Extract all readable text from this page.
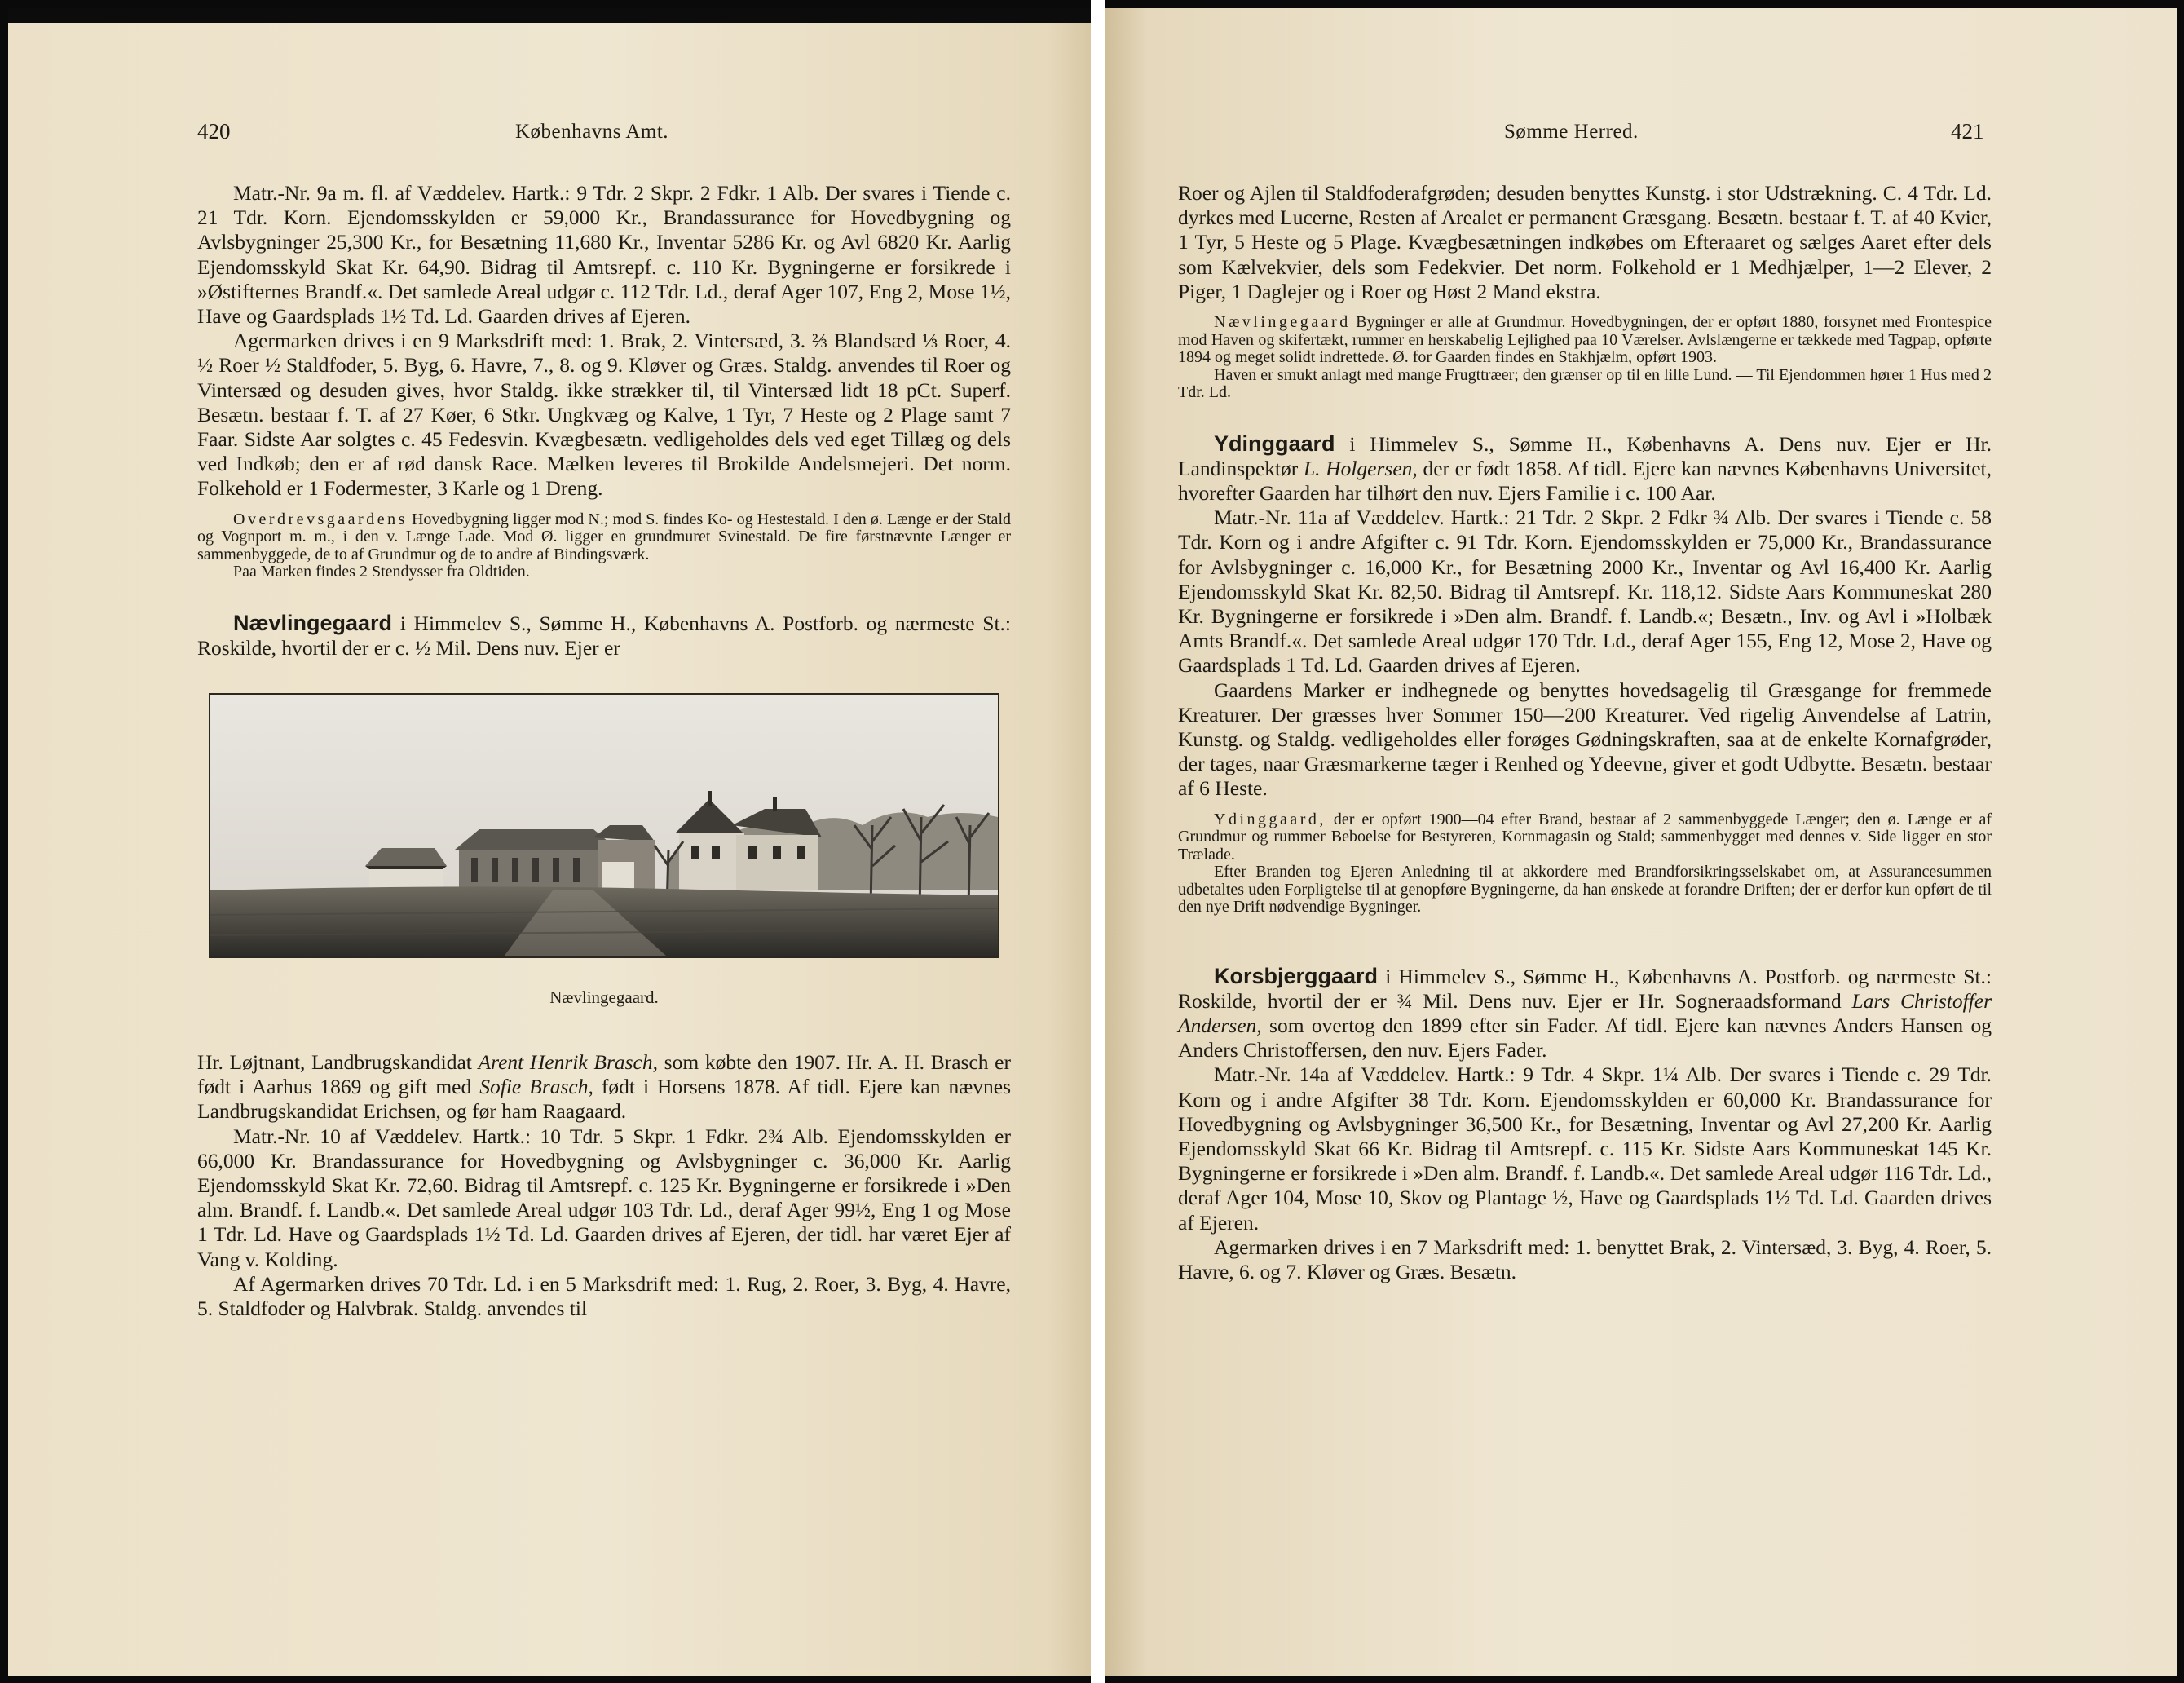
420	Københavns Amt.

Matr.-Nr. 9a m. fl. af Væddelev. Hartk.: 9 Tdr. 2 Skpr. 2 Fdkr. 1 Alb. Der svares i Tiende c. 21 Tdr. Korn. Ejendomsskylden er 59,000 Kr., Brandassurance for Hovedbygning og Avlsbygninger 25,300 Kr., for Besætning 11,680 Kr., Inventar 5286 Kr. og Avl 6820 Kr. Aarlig Ejendomsskyld Skat Kr. 64,90. Bidrag til Amtsrepf. c. 110 Kr. Bygningerne er forsikrede i »Østifternes Brandf.«. Det samlede Areal udgør c. 112 Tdr. Ld., deraf Ager 107, Eng 2, Mose 1½, Have og Gaardsplads 1½ Td. Ld. Gaarden drives af Ejeren.

Agermarken drives i en 9 Marksdrift med: 1. Brak, 2. Vintersæd, 3. ⅔ Blandsæd ⅓ Roer, 4. ½ Roer ½ Staldfoder, 5. Byg, 6. Havre, 7., 8. og 9. Kløver og Græs. Staldg. anvendes til Roer og Vintersæd og desuden gives, hvor Staldg. ikke strækker til, til Vintersæd lidt 18 pCt. Superf. Besætn. bestaar f. T. af 27 Køer, 6 Stkr. Ungkvæg og Kalve, 1 Tyr, 7 Heste og 2 Plage samt 7 Faar. Sidste Aar solgtes c. 45 Fedesvin. Kvægbesætn. vedligeholdes dels ved eget Tillæg og dels ved Indkøb; den er af rød dansk Race. Mælken leveres til Brokilde Andelsmejeri. Det norm. Folkehold er 1 Fodermester, 3 Karle og 1 Dreng.

Overdrevsgaardens Hovedbygning ligger mod N.; mod S. findes Ko- og Hestestald. I den ø. Længe er der Stald og Vognport m. m., i den v. Længe Lade. Mod Ø. ligger en grundmuret Svinestald. De fire førstnævnte Længer er sammenbyggede, de to af Grundmur og de to andre af Bindingsværk.

Paa Marken findes 2 Stendysser fra Oldtiden.

Nævlingegaard i Himmelev S., Sømme H., Københavns A. Postforb. og nærmeste St.: Roskilde, hvortil der er c. ½ Mil. Dens nuv. Ejer er

Nævlingegaard.

Hr. Løjtnant, Landbrugskandidat Arent Henrik Brasch, som købte den 1907. Hr. A. H. Brasch er født i Aarhus 1869 og gift med Sofie Brasch, født i Horsens 1878. Af tidl. Ejere kan nævnes Landbrugskandidat Erichsen, og før ham Raagaard.

Matr.-Nr. 10 af Væddelev. Hartk.: 10 Tdr. 5 Skpr. 1 Fdkr. 2¾ Alb. Ejendomsskylden er 66,000 Kr. Brandassurance for Hovedbygning og Avlsbygninger c. 36,000 Kr. Aarlig Ejendomsskyld Skat Kr. 72,60. Bidrag til Amtsrepf. c. 125 Kr. Bygningerne er forsikrede i »Den alm. Brandf. f. Landb.«. Det samlede Areal udgør 103 Tdr. Ld., deraf Ager 99½, Eng 1 og Mose 1 Tdr. Ld. Have og Gaardsplads 1½ Td. Ld. Gaarden drives af Ejeren, der tidl. har været Ejer af Vang v. Kolding.

Af Agermarken drives 70 Tdr. Ld. i en 5 Marksdrift med: 1. Rug, 2. Roer, 3. Byg, 4. Havre, 5. Staldfoder og Halvbrak. Staldg. anvendes til

Sømme Herred.	421

Roer og Ajlen til Staldfoderafgrøden; desuden benyttes Kunstg. i stor Udstrækning. C. 4 Tdr. Ld. dyrkes med Lucerne, Resten af Arealet er permanent Græsgang. Besætn. bestaar f. T. af 40 Kvier, 1 Tyr, 5 Heste og 5 Plage. Kvægbesætningen indkøbes om Efteraaret og sælges Aaret efter dels som Kælvekvier, dels som Fedekvier. Det norm. Folkehold er 1 Medhjælper, 1—2 Elever, 2 Piger, 1 Daglejer og i Roer og Høst 2 Mand ekstra.

Nævlingegaard Bygninger er alle af Grundmur. Hovedbygningen, der er opført 1880, forsynet med Frontespice mod Haven og skifertækt, rummer en herskabelig Lejlighed paa 10 Værelser. Avlslængerne er tækkede med Tagpap, opførte 1894 og meget solidt indrettede. Ø. for Gaarden findes en Stakhjælm, opført 1903.

Haven er smukt anlagt med mange Frugttræer; den grænser op til en lille Lund. — Til Ejendommen hører 1 Hus med 2 Tdr. Ld.

Ydinggaard i Himmelev S., Sømme H., Københavns A. Dens nuv. Ejer er Hr. Landinspektør L. Holgersen, der er født 1858. Af tidl. Ejere kan nævnes Københavns Universitet, hvorefter Gaarden har tilhørt den nuv. Ejers Familie i c. 100 Aar.

Matr.-Nr. 11a af Væddelev. Hartk.: 21 Tdr. 2 Skpr. 2 Fdkr ¾ Alb. Der svares i Tiende c. 58 Tdr. Korn og i andre Afgifter c. 91 Tdr. Korn. Ejendomsskylden er 75,000 Kr., Brandassurance for Avlsbygninger c. 16,000 Kr., for Besætning 2000 Kr., Inventar og Avl 16,400 Kr. Aarlig Ejendomsskyld Skat Kr. 82,50. Bidrag til Amtsrepf. Kr. 118,12. Sidste Aars Kommuneskat 280 Kr. Bygningerne er forsikrede i »Den alm. Brandf. f. Landb.«; Besætn., Inv. og Avl i »Holbæk Amts Brandf.«. Det samlede Areal udgør 170 Tdr. Ld., deraf Ager 155, Eng 12, Mose 2, Have og Gaardsplads 1 Td. Ld. Gaarden drives af Ejeren.

Gaardens Marker er indhegnede og benyttes hovedsagelig til Græsgange for fremmede Kreaturer. Der græsses hver Sommer 150—200 Kreaturer. Ved rigelig Anvendelse af Latrin, Kunstg. og Staldg. vedligeholdes eller forøges Gødningskraften, saa at de enkelte Kornafgrøder, der tages, naar Græsmarkerne tæger i Renhed og Ydeevne, giver et godt Udbytte. Besætn. bestaar af 6 Heste.

Ydinggaard, der er opført 1900—04 efter Brand, bestaar af 2 sammenbyggede Længer; den ø. Længe er af Grundmur og rummer Beboelse for Bestyreren, Kornmagasin og Stald; sammenbygget med dennes v. Side ligger en stor Trælade.

Efter Branden tog Ejeren Anledning til at akkordere med Brandforsikringsselskabet om, at Assurancesummen udbetaltes uden Forpligtelse til at genopføre Bygningerne, da han ønskede at forandre Driften; der er derfor kun opført de til den nye Drift nødvendige Bygninger.

Korsbjerggaard i Himmelev S., Sømme H., Københavns A. Postforb. og nærmeste St.: Roskilde, hvortil der er ¾ Mil. Dens nuv. Ejer er Hr. Sogneraadsformand Lars Christoffer Andersen, som overtog den 1899 efter sin Fader. Af tidl. Ejere kan nævnes Anders Hansen og Anders Christoffersen, den nuv. Ejers Fader.

Matr.-Nr. 14a af Væddelev. Hartk.: 9 Tdr. 4 Skpr. 1¼ Alb. Der svares i Tiende c. 29 Tdr. Korn og i andre Afgifter 38 Tdr. Korn. Ejendomsskylden er 60,000 Kr. Brandassurance for Hovedbygning og Avlsbygninger 36,500 Kr., for Besætning, Inventar og Avl 27,200 Kr. Aarlig Ejendomsskyld Skat 66 Kr. Bidrag til Amtsrepf. c. 115 Kr. Sidste Aars Kommuneskat 145 Kr. Bygningerne er forsikrede i »Den alm. Brandf. f. Landb.«. Det samlede Areal udgør 116 Tdr. Ld., deraf Ager 104, Mose 10, Skov og Plantage ½, Have og Gaardsplads 1½ Td. Ld. Gaarden drives af Ejeren.

Agermarken drives i en 7 Marksdrift med: 1. benyttet Brak, 2. Vintersæd, 3. Byg, 4. Roer, 5. Havre, 6. og 7. Kløver og Græs. Besætn.
